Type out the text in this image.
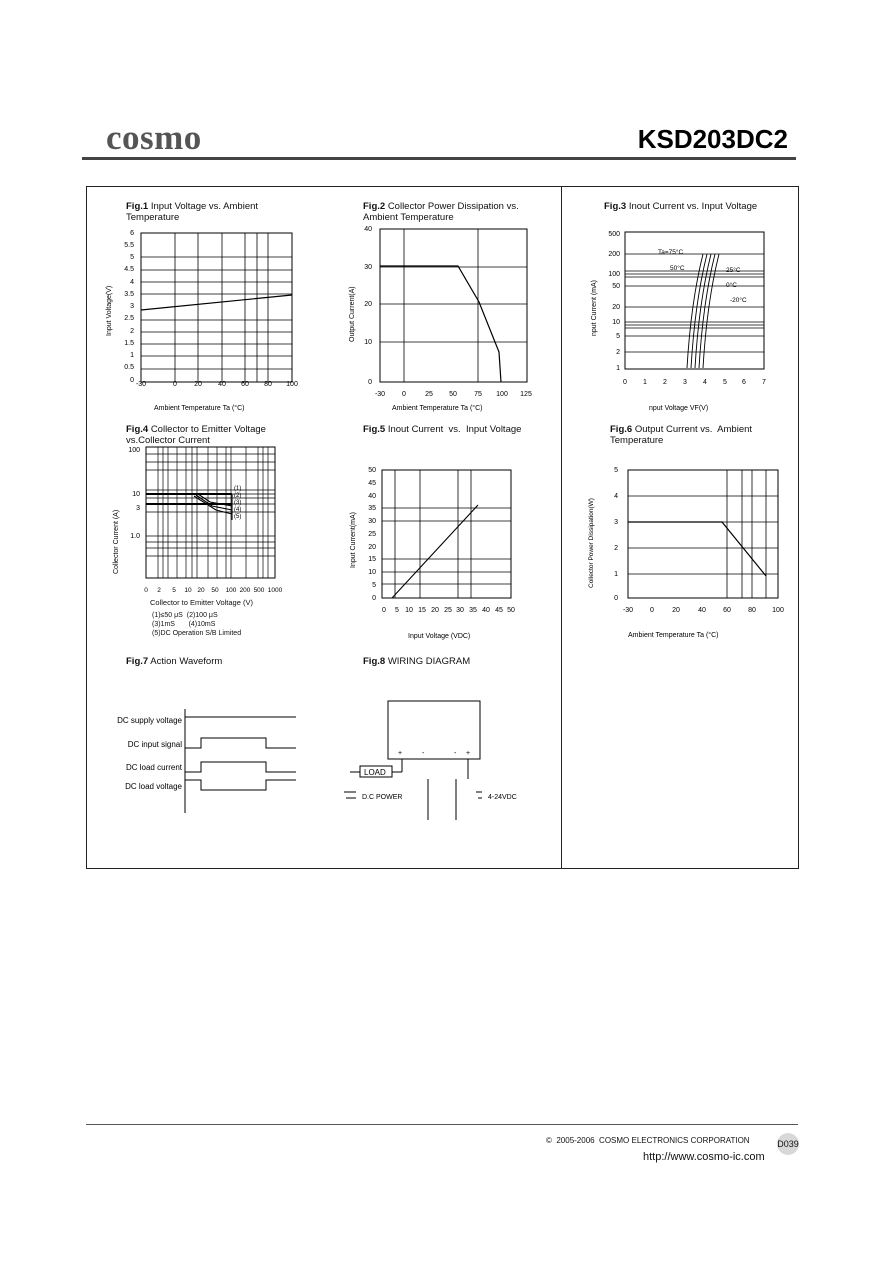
cosmo	KSD203DC2
Fig.1 Input Voltage vs. Ambient
Temperature
6
5.5
5
4.5
4
3.5
3
2.5
2
1.5
1
0.5
0
-30	0 20 40 60 80 100
Ambient Temperature Ta (°C)
Input Voltage(V)
Fig.2 Collector Power Dissipation vs.
Ambient Temperature
40
30
20
10
0
-30 0	25 50 75 100 125
Ambient Temperature Ta (°C)
Output Current(A)
Fig.3 Inout Current vs. Input Voltage
Ta=75°C
50°C	25°C
0°C
-20°C
500
200
100
50
20
10
5
2
1
0 1 2 3 4 5 6 7
nput Voltage VF(V)
nput Current (mA)
Fig.4 Collector to Emitter Voltage
vs.Collector Current
(1)
(2)
(3)
(4)
(5)
100
10
3
1.0
0 2 5 10 20 50 100 200 500 1000
Collector Current (A)
Collector to Emitter Voltage (V)
(1)≤50 μS (2)100 μS
(3)1mS (4)10mS
(5)DC Operation S/B Limited
Fig.5 Inout Current  vs.  Input Voltage
50
45
40
35
30
25
20
15
10
5
0
0 5 10 15 20 25 30 35 40 45 50
Input Voltage (VDC)
Input Current(mA)
Fig.6 Output Current vs.  Ambient
Temperature
5
4
3
2
1
0
-30 0	20	40 60 80 100
Ambient Temperature Ta (°C)
Collector Power Dissipation(W)
Fig.7 Action Waveform
DC supply voltage
DC input signal
DC load current
DC load voltage
Fig.8 WIRING DIAGRAM
+	-	- +
LOAD
D.C POWER	4-24VDC
©  2005-2006  COSMO ELECTRONICS CORPORATION
http://www.cosmo-ic.com
D039
